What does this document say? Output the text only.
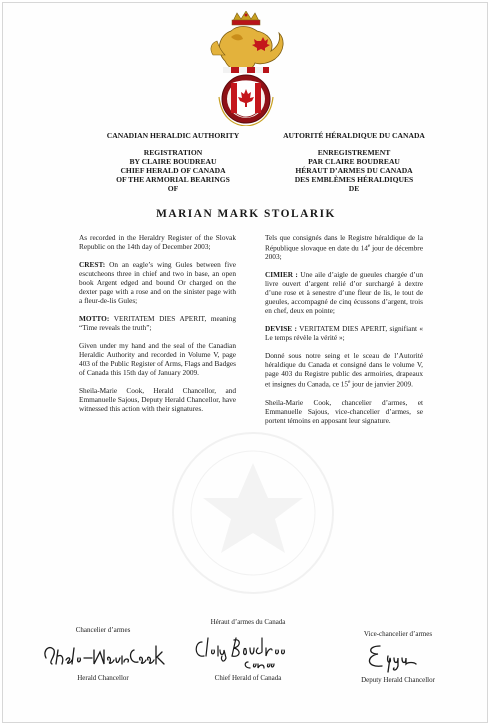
CANADIAN HERALDIC AUTHORITY
REGISTRATION
BY CLAIRE BOUDREAU
CHIEF HERALD OF CANADA
OF THE ARMORIAL BEARINGS
OF
AUTORITÉ HÉRALDIQUE DU CANADA
ENREGISTREMENT
PAR CLAIRE BOUDREAU
HÉRAUT D’ARMES DU CANADA
DES EMBLÈMES HÉRALDIQUES
DE
MARIAN MARK STOLARIK

As recorded in the Heraldry Register of the Slovak Republic on the 14th day of December 2003;

CREST: On an eagle’s wing Gules between five escutcheons three in chief and two in base, an open book Argent edged and bound Or charged on the dexter page with a rose and on the sinister page with a fleur-de-lis Gules;

MOTTO: VERITATEM DIES APERIT, meaning “Time reveals the truth”;

Given under my hand and the seal of the Canadian Heraldic Authority and recorded in Volume V, page 403 of the Public Register of Arms, Flags and Badges of Canada this 15th day of January 2009.

Sheila-Marie Cook, Herald Chancellor, and Emmanuelle Sajous, Deputy Herald Chancellor, have witnessed this action with their signatures.

Tels que consignés dans le Registre héraldique de la République slovaque en date du 14e jour de décembre 2003;

CIMIER : Une aile d’aigle de gueules chargée d’un livre ouvert d’argent relié d’or surchargé à dextre d’une rose et à senestre d’une fleur de lis, le tout de gueules, accompagné de cinq écussons d’argent, trois en chef, deux en pointe;

DEVISE : VERITATEM DIES APERIT, signifiant « Le temps révèle la vérité »;

Donné sous notre seing et le sceau de l’Autorité héraldique du Canada et consigné dans le volume V, page 403 du Registre public des armoiries, drapeaux et insignes du Canada, ce 15e jour de janvier 2009.

Sheila-Marie Cook, chancelier d’armes, et Emmanuelle Sajous, vice-chancelier d’armes, se portent témoins en apposant leur signature.

Chancelier d’armes
Herald Chancellor
Héraut d’armes du Canada
Chief Herald of Canada
Vice-chancelier d’armes
Deputy Herald Chancellor
